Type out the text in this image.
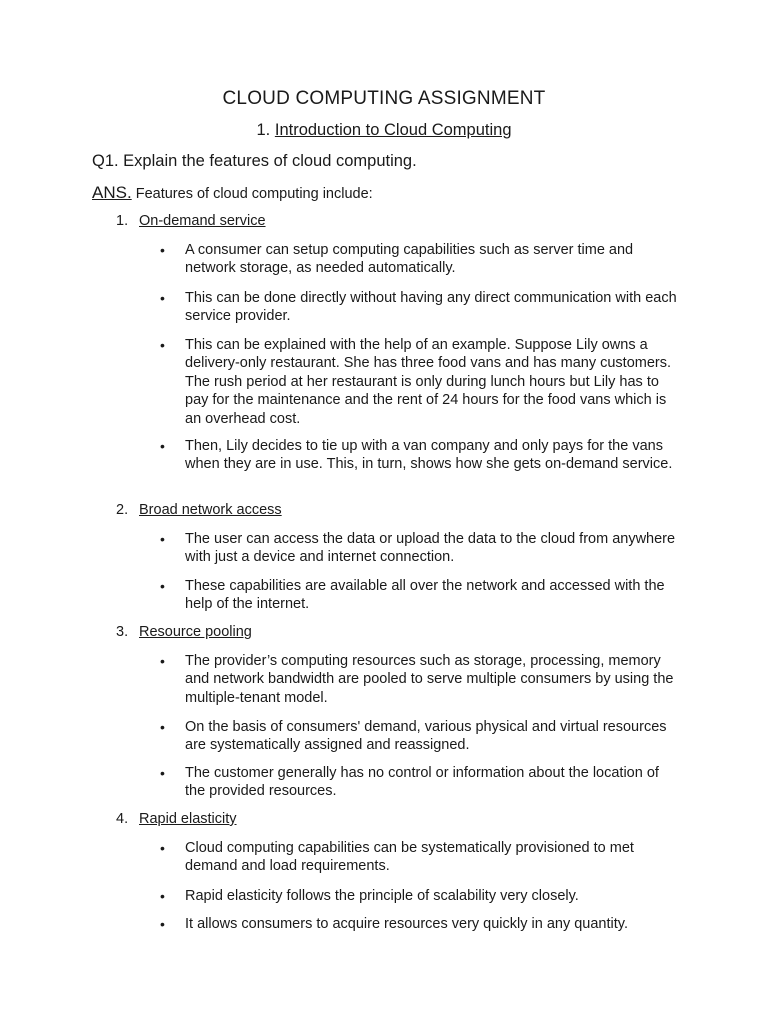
CLOUD COMPUTING ASSIGNMENT
1. Introduction to Cloud Computing
Q1. Explain the features of cloud computing.
ANS. Features of cloud computing include:
1. On-demand service
• A consumer can setup computing capabilities such as server time and network storage, as needed automatically.
• This can be done directly without having any direct communication with each service provider.
• This can be explained with the help of an example. Suppose Lily owns a delivery-only restaurant. She has three food vans and has many customers. The rush period at her restaurant is only during lunch hours but Lily has to pay for the maintenance and the rent of 24 hours for the food vans which is an overhead cost.
• Then, Lily decides to tie up with a van company and only pays for the vans when they are in use. This, in turn, shows how she gets on-demand service.
2. Broad network access
• The user can access the data or upload the data to the cloud from anywhere with just a device and internet connection.
• These capabilities are available all over the network and accessed with the help of the internet.
3. Resource pooling
• The provider’s computing resources such as storage, processing, memory and network bandwidth are pooled to serve multiple consumers by using the multiple-tenant model.
• On the basis of consumers' demand, various physical and virtual resources are systematically assigned and reassigned.
• The customer generally has no control or information about the location of the provided resources.
4. Rapid elasticity
• Cloud computing capabilities can be systematically provisioned to met demand and load requirements.
• Rapid elasticity follows the principle of scalability very closely.
• It allows consumers to acquire resources very quickly in any quantity.
